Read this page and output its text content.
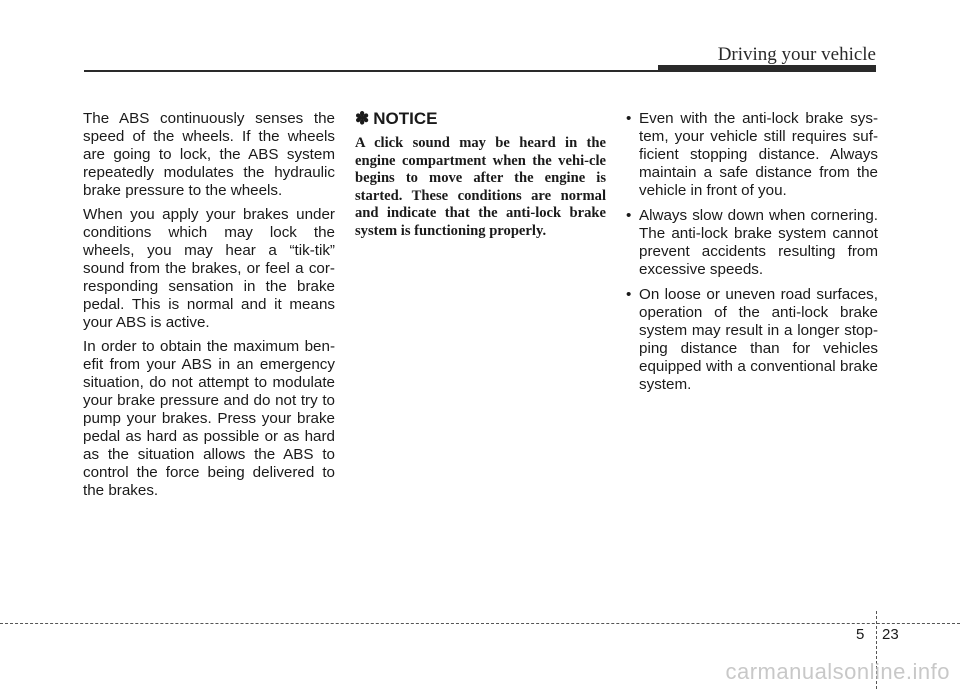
Driving your vehicle

The ABS continuously senses the speed of the wheels. If the wheels are going to lock, the ABS system repeatedly modulates the hydraulic brake pressure to the wheels.

When you apply your brakes under conditions which may lock the wheels, you may hear a “tik-tik” sound from the brakes, or feel a cor-responding sensation in the brake pedal. This is normal and it means your ABS is active.

In order to obtain the maximum ben-efit from your ABS in an emergency situation, do not attempt to modulate your brake pressure and do not try to pump your brakes. Press your brake pedal as hard as possible or as hard as the situation allows the ABS to control the force being delivered to the brakes.

✽ NOTICE

A click sound may be heard in the engine compartment when the vehi-cle begins to move after the engine is started. These conditions are normal and indicate that the anti-lock brake system is functioning properly.

• Even with the anti-lock brake sys-tem, your vehicle still requires suf-ficient stopping distance. Always maintain a safe distance from the vehicle in front of you.
• Always slow down when cornering. The anti-lock brake system cannot prevent accidents resulting from excessive speeds.
• On loose or uneven road surfaces, operation of the anti-lock brake system may result in a longer stop-ping distance than for vehicles equipped with a conventional brake system.
5 23
carmanualsonline.info
